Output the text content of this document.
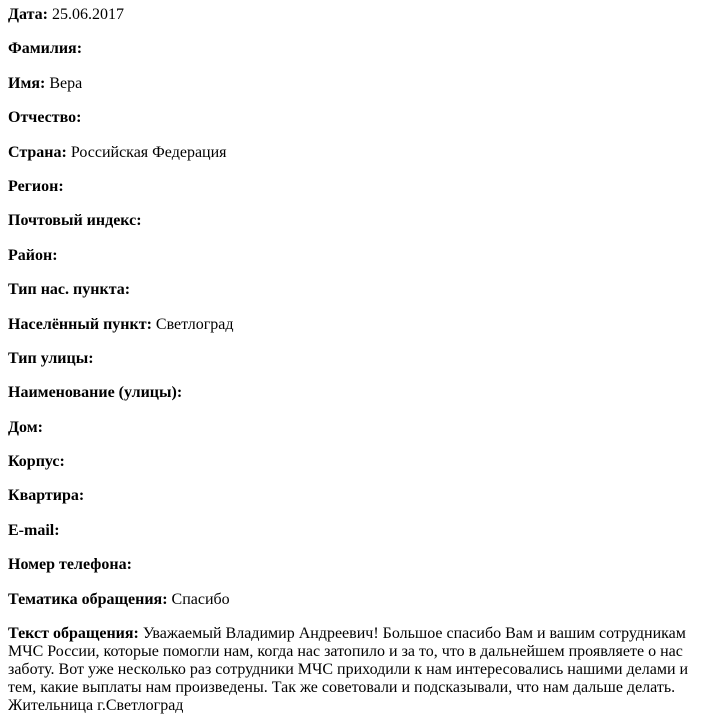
Дата: 25.06.2017

Фамилия:

Имя: Вера

Отчество:

Страна: Российская Федерация

Регион:

Почтовый индекс:

Район:

Тип нас. пункта:

Населённый пункт: Светлоград

Тип улицы:

Наименование (улицы):

Дом:

Корпус:

Квартира:

E-mail:

Номер телефона:

Тематика обращения: Спасибо

Текст обращения: Уважаемый Владимир Андреевич! Большое спасибо Вам и вашим сотрудникам МЧС России, которые помогли нам, когда нас затопило и за то, что в дальнейшем проявляете о нас заботу. Вот уже несколько раз сотрудники МЧС приходили к нам интересовались нашими делами и тем, какие выплаты нам произведены. Так же советовали и подсказывали, что нам дальше делать. Жительница г.Светлоград
